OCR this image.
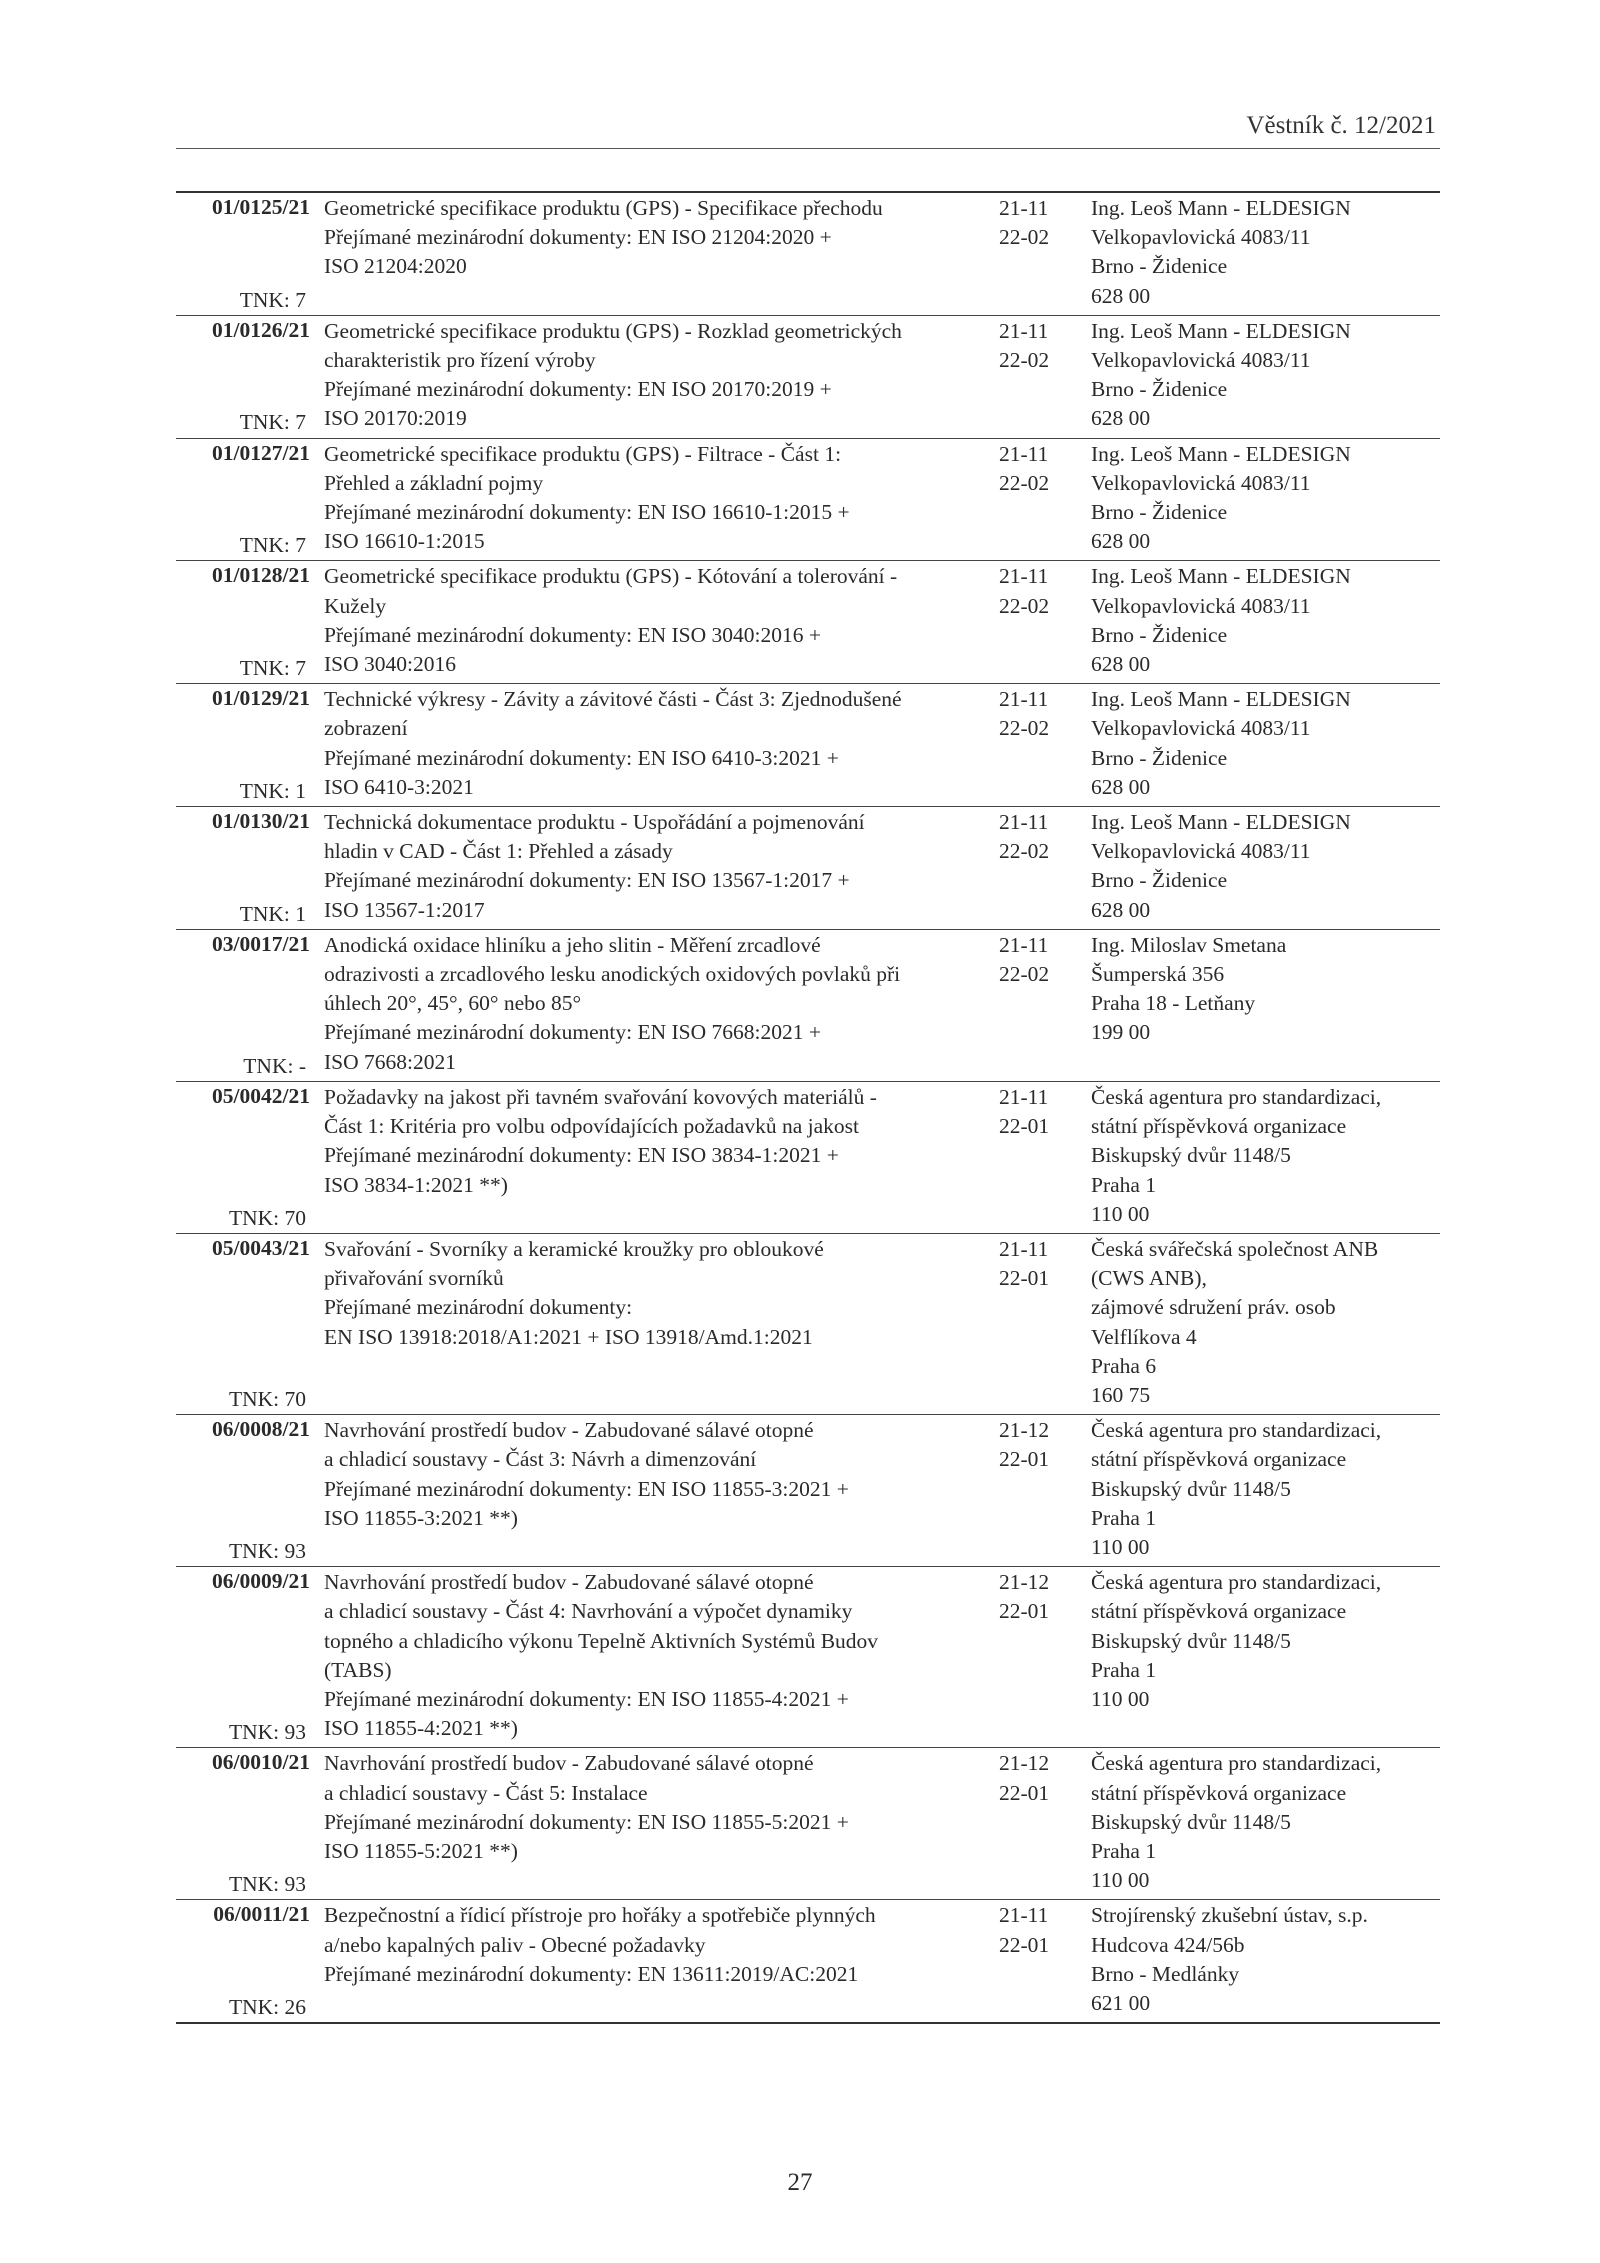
Věstník č. 12/2021
01/0125/21
TNK: 7
Geometrické specifikace produktu (GPS) - Specifikace přechodu
Přejímané mezinárodní dokumenty: EN ISO 21204:2020 +
ISO 21204:2020
21-11
22-02
Ing. Leoš Mann - ELDESIGN
Velkopavlovická 4083/11
Brno - Židenice
628 00
01/0126/21
TNK: 7
Geometrické specifikace produktu (GPS) - Rozklad geometrických
charakteristik pro řízení výroby
Přejímané mezinárodní dokumenty: EN ISO 20170:2019 +
ISO 20170:2019
21-11
22-02
Ing. Leoš Mann - ELDESIGN
Velkopavlovická 4083/11
Brno - Židenice
628 00
01/0127/21
TNK: 7
Geometrické specifikace produktu (GPS) - Filtrace - Část 1:
Přehled a základní pojmy
Přejímané mezinárodní dokumenty: EN ISO 16610-1:2015 +
ISO 16610-1:2015
21-11
22-02
Ing. Leoš Mann - ELDESIGN
Velkopavlovická 4083/11
Brno - Židenice
628 00
01/0128/21
TNK: 7
Geometrické specifikace produktu (GPS) - Kótování a tolerování -
Kužely
Přejímané mezinárodní dokumenty: EN ISO 3040:2016 +
ISO 3040:2016
21-11
22-02
Ing. Leoš Mann - ELDESIGN
Velkopavlovická 4083/11
Brno - Židenice
628 00
01/0129/21
TNK: 1
Technické výkresy - Závity a závitové části - Část 3: Zjednodušené
zobrazení
Přejímané mezinárodní dokumenty: EN ISO 6410-3:2021 +
ISO 6410-3:2021
21-11
22-02
Ing. Leoš Mann - ELDESIGN
Velkopavlovická 4083/11
Brno - Židenice
628 00
01/0130/21
TNK: 1
Technická dokumentace produktu - Uspořádání a pojmenování
hladin v CAD - Část 1: Přehled a zásady
Přejímané mezinárodní dokumenty: EN ISO 13567-1:2017 +
ISO 13567-1:2017
21-11
22-02
Ing. Leoš Mann - ELDESIGN
Velkopavlovická 4083/11
Brno - Židenice
628 00
03/0017/21
TNK: -
Anodická oxidace hliníku a jeho slitin - Měření zrcadlové
odrazivosti a zrcadlového lesku anodických oxidových povlaků při
úhlech 20°, 45°, 60° nebo 85°
Přejímané mezinárodní dokumenty: EN ISO 7668:2021 +
ISO 7668:2021
21-11
22-02
Ing. Miloslav Smetana
Šumperská 356
Praha 18 - Letňany
199 00
05/0042/21
TNK: 70
Požadavky na jakost při tavném svařování kovových materiálů -
Část 1: Kritéria pro volbu odpovídajících požadavků na jakost
Přejímané mezinárodní dokumenty: EN ISO 3834-1:2021 +
ISO 3834-1:2021 **)
21-11
22-01
Česká agentura pro standardizaci,
státní příspěvková organizace
Biskupský dvůr 1148/5
Praha 1
110 00
05/0043/21
TNK: 70
Svařování - Svorníky a keramické kroužky pro obloukové
přivařování svorníků
Přejímané mezinárodní dokumenty:
EN ISO 13918:2018/A1:2021 + ISO 13918/Amd.1:2021
21-11
22-01
Česká svářečská společnost ANB
(CWS ANB),
zájmové sdružení práv. osob
Velflíkova 4
Praha 6
160 75
06/0008/21
TNK: 93
Navrhování prostředí budov - Zabudované sálavé otopné
a chladicí soustavy - Část 3: Návrh a dimenzování
Přejímané mezinárodní dokumenty: EN ISO 11855-3:2021 +
ISO 11855-3:2021 **)
21-12
22-01
Česká agentura pro standardizaci,
státní příspěvková organizace
Biskupský dvůr 1148/5
Praha 1
110 00
06/0009/21
TNK: 93
Navrhování prostředí budov - Zabudované sálavé otopné
a chladicí soustavy - Část 4: Navrhování a výpočet dynamiky
topného a chladicího výkonu Tepelně Aktivních Systémů Budov
(TABS)
Přejímané mezinárodní dokumenty: EN ISO 11855-4:2021 +
ISO 11855-4:2021 **)
21-12
22-01
Česká agentura pro standardizaci,
státní příspěvková organizace
Biskupský dvůr 1148/5
Praha 1
110 00
06/0010/21
TNK: 93
Navrhování prostředí budov - Zabudované sálavé otopné
a chladicí soustavy - Část 5: Instalace
Přejímané mezinárodní dokumenty: EN ISO 11855-5:2021 +
ISO 11855-5:2021 **)
21-12
22-01
Česká agentura pro standardizaci,
státní příspěvková organizace
Biskupský dvůr 1148/5
Praha 1
110 00
06/0011/21
TNK: 26
Bezpečnostní a řídicí přístroje pro hořáky a spotřebiče plynných
a/nebo kapalných paliv - Obecné požadavky
Přejímané mezinárodní dokumenty: EN 13611:2019/AC:2021
21-11
22-01
Strojírenský zkušební ústav, s.p.
Hudcova 424/56b
Brno - Medlánky
621 00
27
